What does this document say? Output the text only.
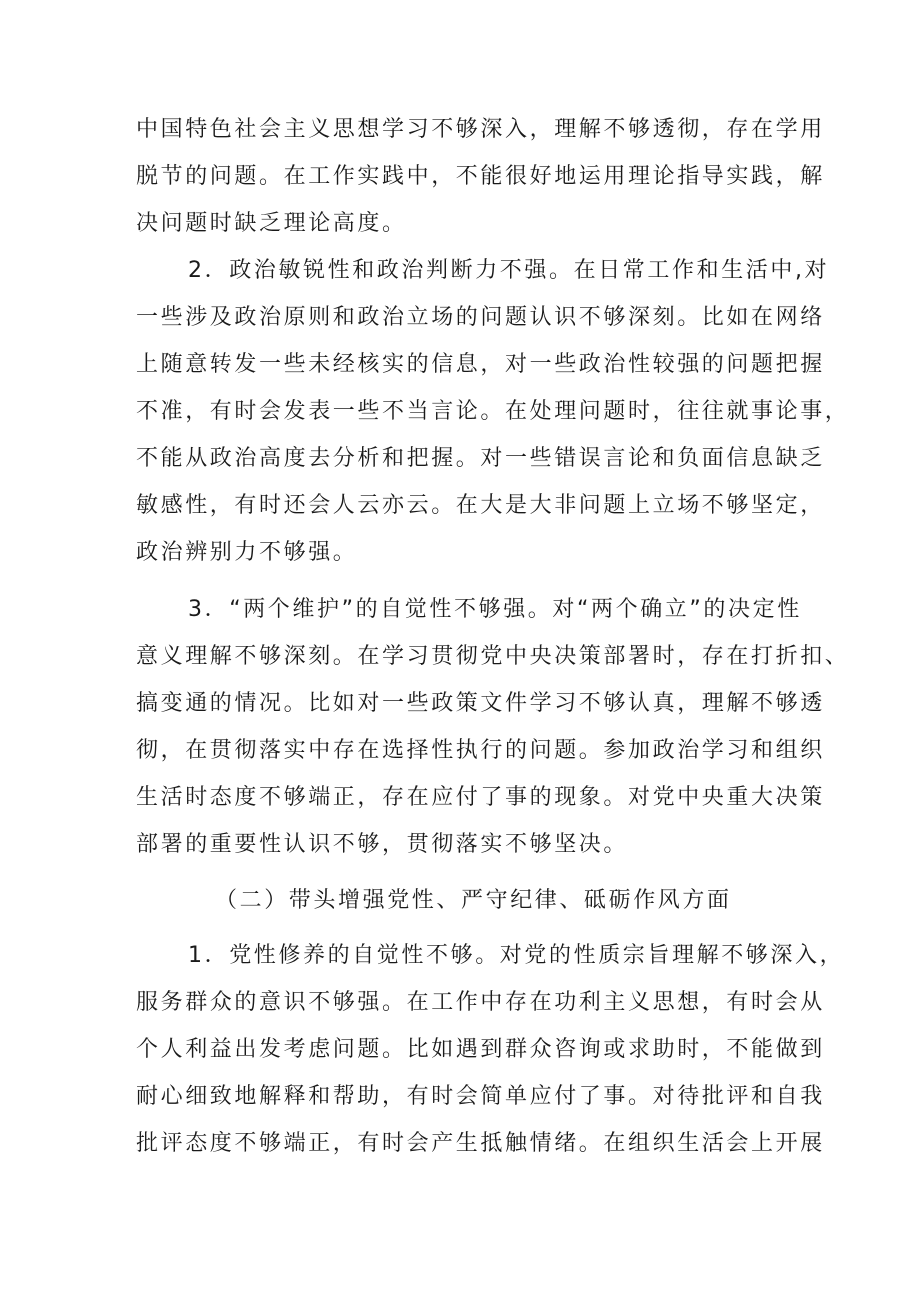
中国特色社会主义思想学习不够深入，理解不够透彻，存在学用
脱节的问题。在工作实践中，不能很好地运用理论指导实践，解
决问题时缺乏理论高度。
2．政治敏锐性和政治判断力不强。在日常工作和生活中,对
一些涉及政治原则和政治立场的问题认识不够深刻。比如在网络
上随意转发一些未经核实的信息，对一些政治性较强的问题把握
不准，有时会发表一些不当言论。在处理问题时，往往就事论事，
不能从政治高度去分析和把握。对一些错误言论和负面信息缺乏
敏感性，有时还会人云亦云。在大是大非问题上立场不够坚定，
政治辨别力不够强。
3．“两个维护”的自觉性不够强。对“两个确立”的决定性
意义理解不够深刻。在学习贯彻党中央决策部署时，存在打折扣、
搞变通的情况。比如对一些政策文件学习不够认真，理解不够透
彻，在贯彻落实中存在选择性执行的问题。参加政治学习和组织
生活时态度不够端正，存在应付了事的现象。对党中央重大决策
部署的重要性认识不够，贯彻落实不够坚决。
（二）带头增强党性、严守纪律、砥砺作风方面
1．党性修养的自觉性不够。对党的性质宗旨理解不够深入，
服务群众的意识不够强。在工作中存在功利主义思想，有时会从
个人利益出发考虑问题。比如遇到群众咨询或求助时，不能做到
耐心细致地解释和帮助，有时会简单应付了事。对待批评和自我
批评态度不够端正，有时会产生抵触情绪。在组织生活会上开展
